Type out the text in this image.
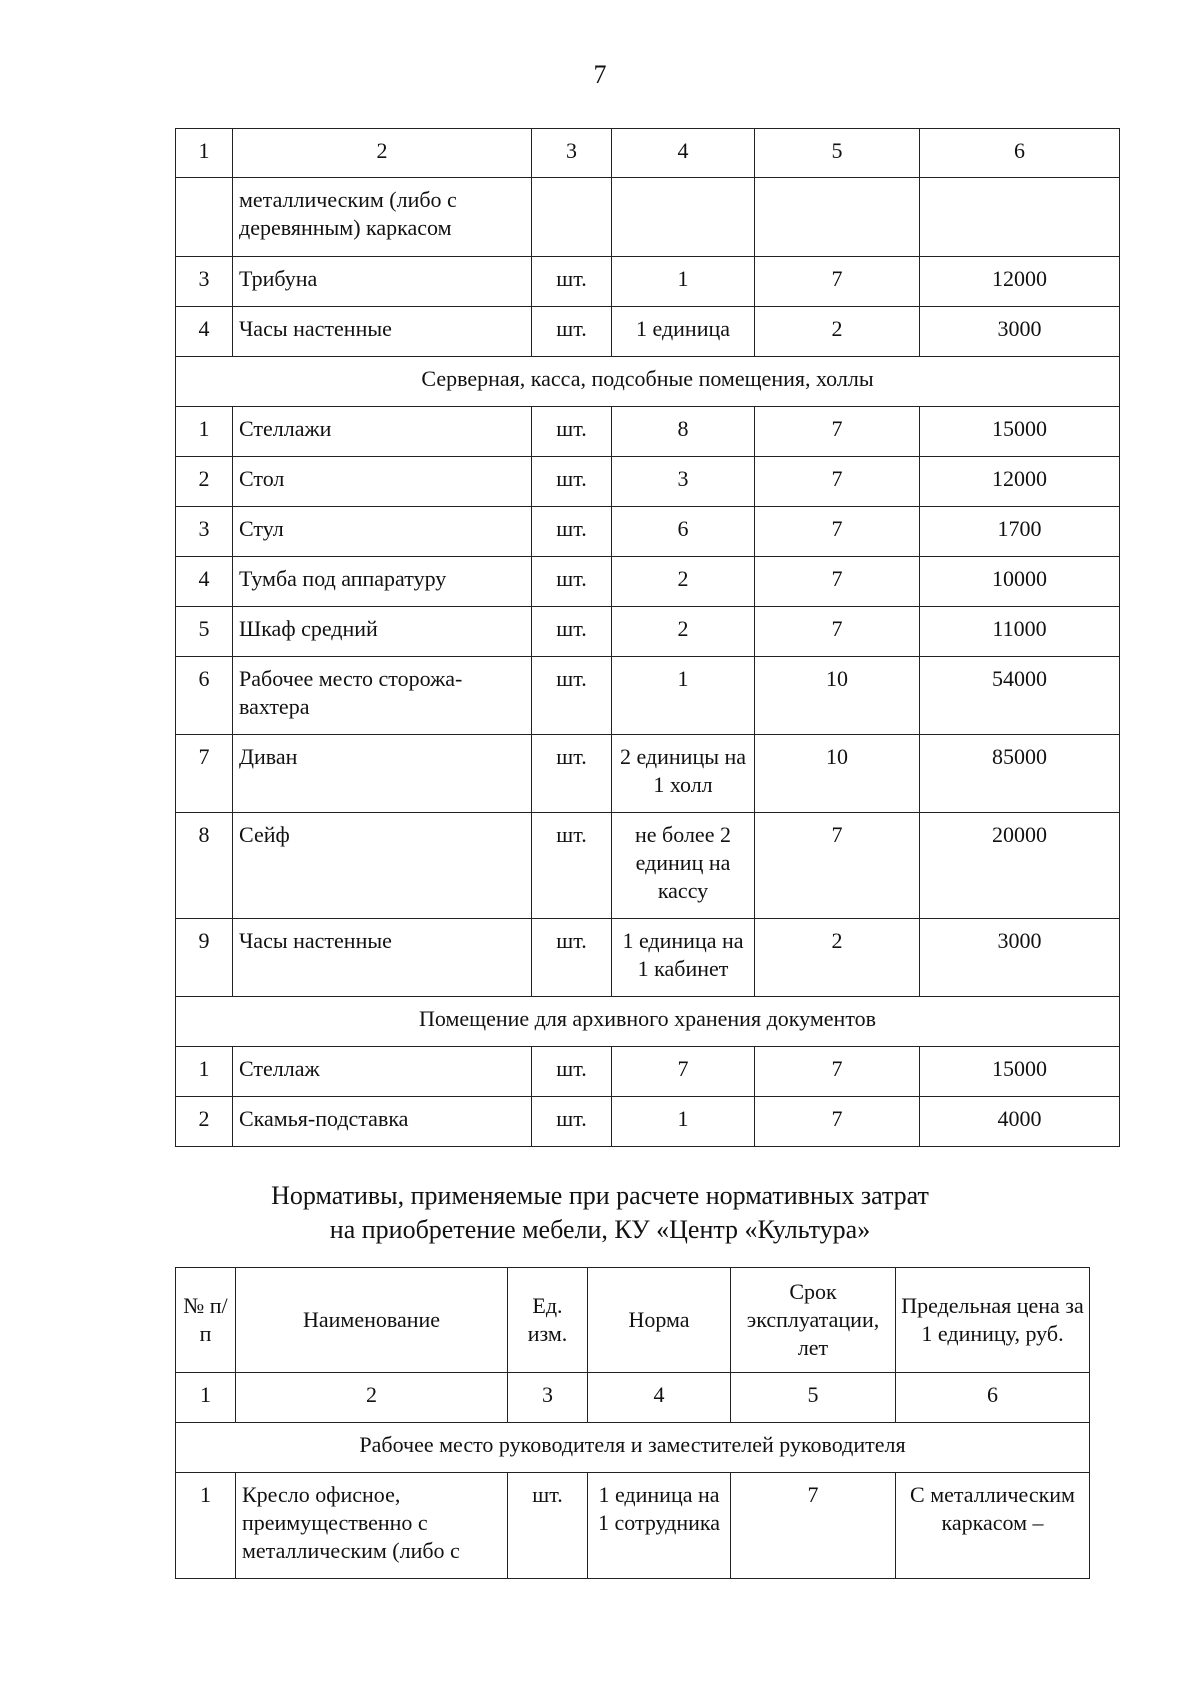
7
1	2	3	4	5	6
	металлическим (либо с деревянным) каркасом				
3	Трибуна	шт.	1	7	12000
4	Часы настенные	шт.	1 единица	2	3000
Серверная, касса, подсобные помещения, холлы					
1	Стеллажи	шт.	8	7	15000
2	Стол	шт.	3	7	12000
3	Стул	шт.	6	7	1700
4	Тумба под аппаратуру	шт.	2	7	10000
5	Шкаф средний	шт.	2	7	11000
6	Рабочее место сторожа-вахтера	шт.	1	10	54000
7	Диван	шт.	2 единицы на 1 холл	10	85000
8	Сейф	шт.	не более 2 единиц на кассу	7	20000
9	Часы настенные	шт.	1 единица на 1 кабинет	2	3000
Помещение для архивного хранения документов					
1	Стеллаж	шт.	7	7	15000
2	Скамья-подставка	шт.	1	7	4000
Нормативы, применяемые при расчете нормативных затрат
на приобретение мебели, КУ «Центр «Культура»
№ п/п	Наименование	Ед. изм.	Норма	Срок эксплуатации, лет	Предельная цена за 1 единицу, руб.
1	2	3	4	5	6
Рабочее место руководителя и заместителей руководителя					
1	Кресло офисное, преимущественно с металлическим (либо с	шт.	1 единица на 1 сотрудника	7	С металлическим каркасом –
